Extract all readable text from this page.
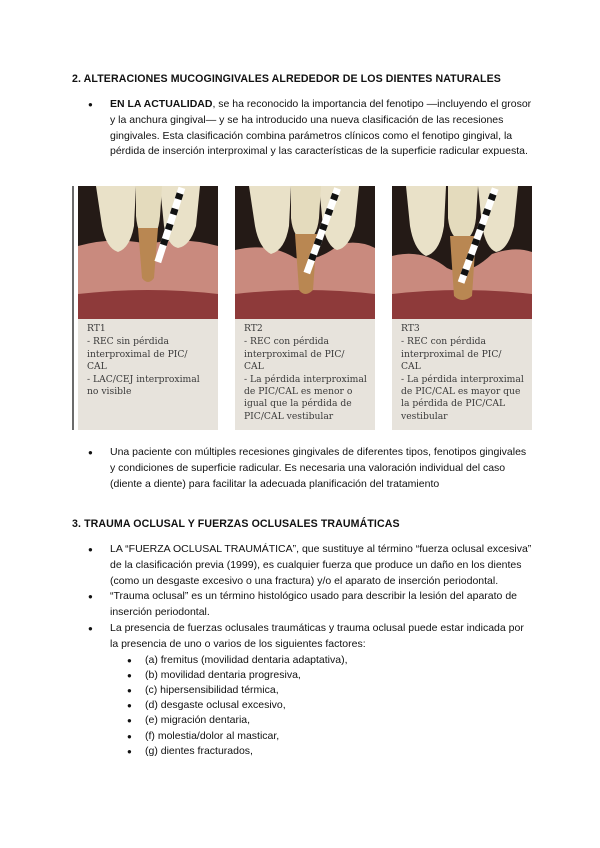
2. ALTERACIONES MUCOGINGIVALES ALREDEDOR DE LOS DIENTES NATURALES
● EN LA ACTUALIDAD, se ha reconocido la importancia del fenotipo —incluyendo el grosor y la anchura gingival— y se ha introducido una nueva clasificación de las recesiones gingivales. Esta clasificación combina parámetros clínicos como el fenotipo gingival, la pérdida de inserción interproximal y las características de la superficie radicular expuesta.
RT1
- REC sin pérdida
interproximal de PIC/
CAL
- LAC/CEJ interproximal
no visible
RT2
- REC con pérdida
interproximal de PIC/
CAL
- La pérdida interproximal
de PIC/CAL es menor o
igual que la pérdida de
PIC/CAL vestibular
RT3
- REC con pérdida
interproximal de PIC/
CAL
- La pérdida interproximal
de PIC/CAL es mayor que
la pérdida de PIC/CAL
vestibular
● Una paciente con múltiples recesiones gingivales de diferentes tipos, fenotipos gingivales y condiciones de superficie radicular. Es necesaria una valoración individual del caso (diente a diente) para facilitar la adecuada planificación del tratamiento
3. TRAUMA OCLUSAL Y FUERZAS OCLUSALES TRAUMÁTICAS
● LA “FUERZA OCLUSAL TRAUMÁTICA”, que sustituye al término “fuerza oclusal excesiva” de la clasificación previa (1999), es cualquier fuerza que produce un daño en los dientes (como un desgaste excesivo o una fractura) y/o el aparato de inserción periodontal.
● “Trauma oclusal” es un término histológico usado para describir la lesión del aparato de inserción periodontal.
● La presencia de fuerzas oclusales traumáticas y trauma oclusal puede estar indicada por la presencia de uno o varios de los siguientes factores:
● (a) fremitus (movilidad dentaria adaptativa),
● (b) movilidad dentaria progresiva,
● (c) hipersensibilidad térmica,
● (d) desgaste oclusal excesivo,
● (e) migración dentaria,
● (f) molestia/dolor al masticar,
● (g) dientes fracturados,
